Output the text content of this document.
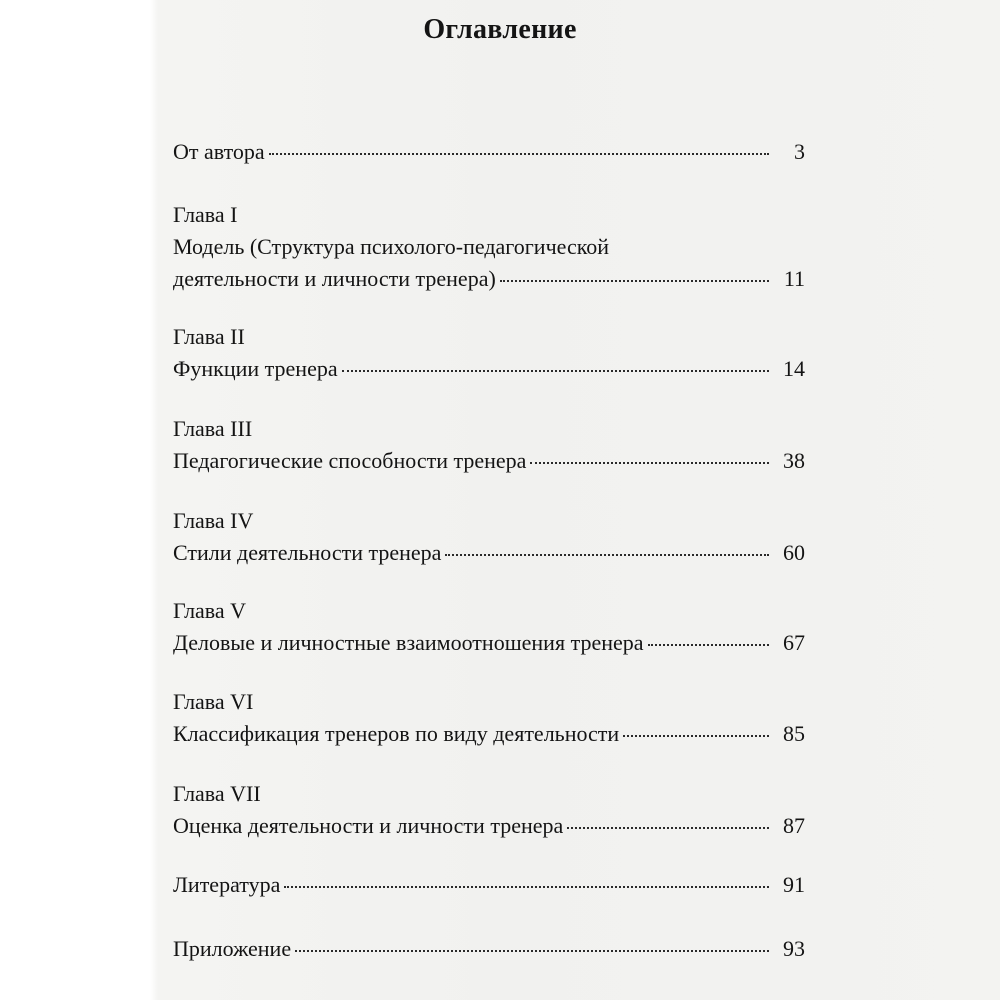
Оглавление
От автора	3
Глава I
Модель (Структура психолого-педагогической
деятельности и личности тренера)	11
Глава II
Функции тренера	14
Глава III
Педагогические способности тренера	38
Глава IV
Стили деятельности тренера	60
Глава V
Деловые и личностные взаимоотношения тренера	67
Глава VI
Классификация тренеров по виду деятельности	85
Глава VII
Оценка деятельности и личности тренера	87
Литература	91
Приложение	93
